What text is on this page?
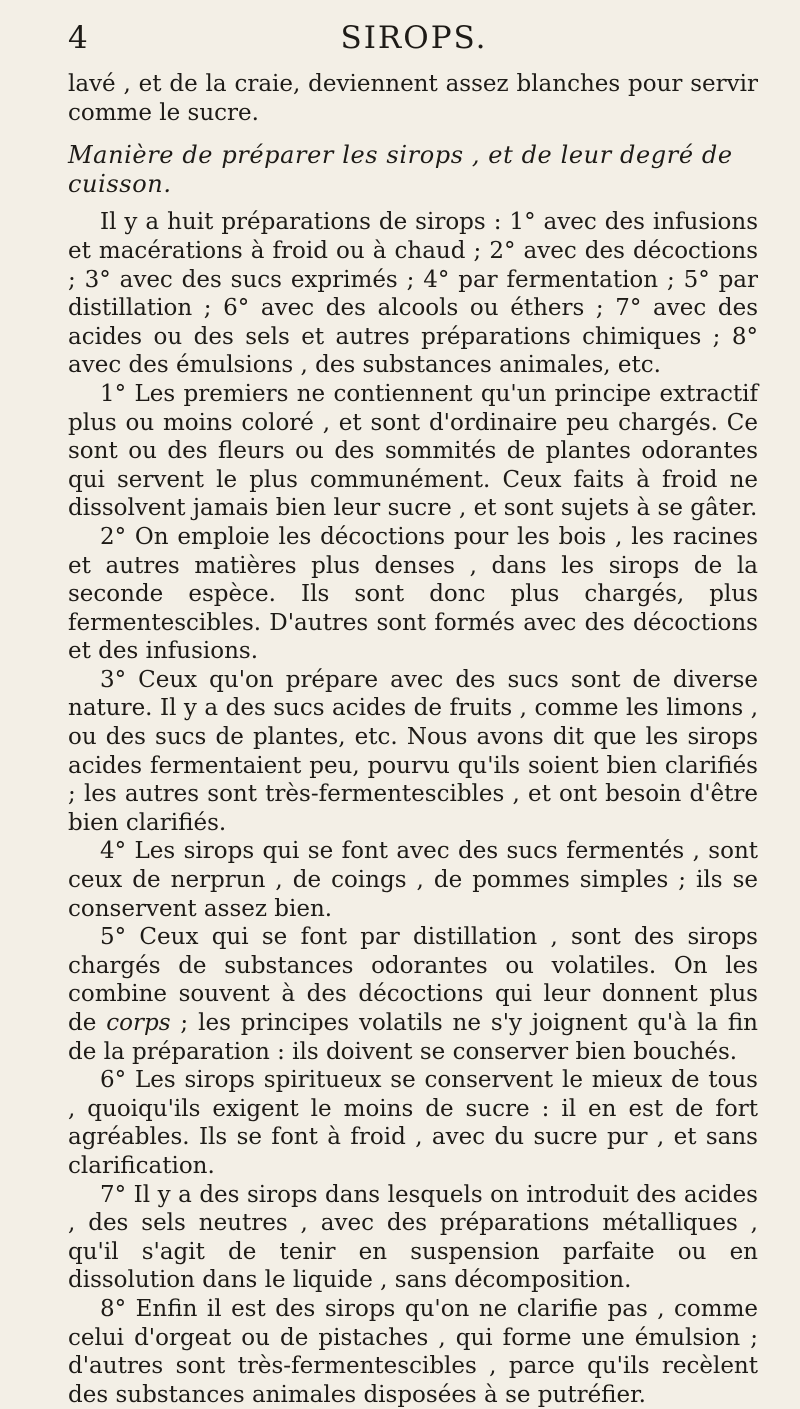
4	SIROPS.

lavé , et de la craie, deviennent assez blanches pour servir comme le sucre.

Manière de préparer les sirops , et de leur degré de cuisson.

Il y a huit préparations de sirops : 1° avec des infusions et macérations à froid ou à chaud ; 2° avec des décoctions ; 3° avec des sucs exprimés ; 4° par fermentation ; 5° par distillation ; 6° avec des alcools ou éthers ; 7° avec des acides ou des sels et autres préparations chimiques ; 8° avec des émulsions , des substances animales, etc.

1° Les premiers ne contiennent qu'un principe extractif plus ou moins coloré , et sont d'ordinaire peu chargés. Ce sont ou des fleurs ou des sommités de plantes odorantes qui servent le plus communément. Ceux faits à froid ne dissolvent jamais bien leur sucre , et sont sujets à se gâter.

2° On emploie les décoctions pour les bois , les racines et autres matières plus denses , dans les sirops de la seconde espèce. Ils sont donc plus chargés, plus fermentescibles. D'autres sont formés avec des décoctions et des infusions.

3° Ceux qu'on prépare avec des sucs sont de diverse nature. Il y a des sucs acides de fruits , comme les limons , ou des sucs de plantes, etc. Nous avons dit que les sirops acides fermentaient peu, pourvu qu'ils soient bien clarifiés ; les autres sont très-fermentescibles , et ont besoin d'être bien clarifiés.

4° Les sirops qui se font avec des sucs fermentés , sont ceux de nerprun , de coings , de pommes simples ; ils se conservent assez bien.

5° Ceux qui se font par distillation , sont des sirops chargés de substances odorantes ou volatiles. On les combine souvent à des décoctions qui leur donnent plus de corps ; les principes volatils ne s'y joignent qu'à la fin de la préparation : ils doivent se conserver bien bouchés.

6° Les sirops spiritueux se conservent le mieux de tous , quoiqu'ils exigent le moins de sucre : il en est de fort agréables. Ils se font à froid , avec du sucre pur , et sans clarification.

7° Il y a des sirops dans lesquels on introduit des acides , des sels neutres , avec des préparations métalliques , qu'il s'agit de tenir en suspension parfaite ou en dissolution dans le liquide , sans décomposition.

8° Enfin il est des sirops qu'on ne clarifie pas , comme celui d'orgeat ou de pistaches , qui forme une émulsion ; d'autres sont très-fermentescibles , parce qu'ils recèlent des substances animales disposées à se putréfier.
